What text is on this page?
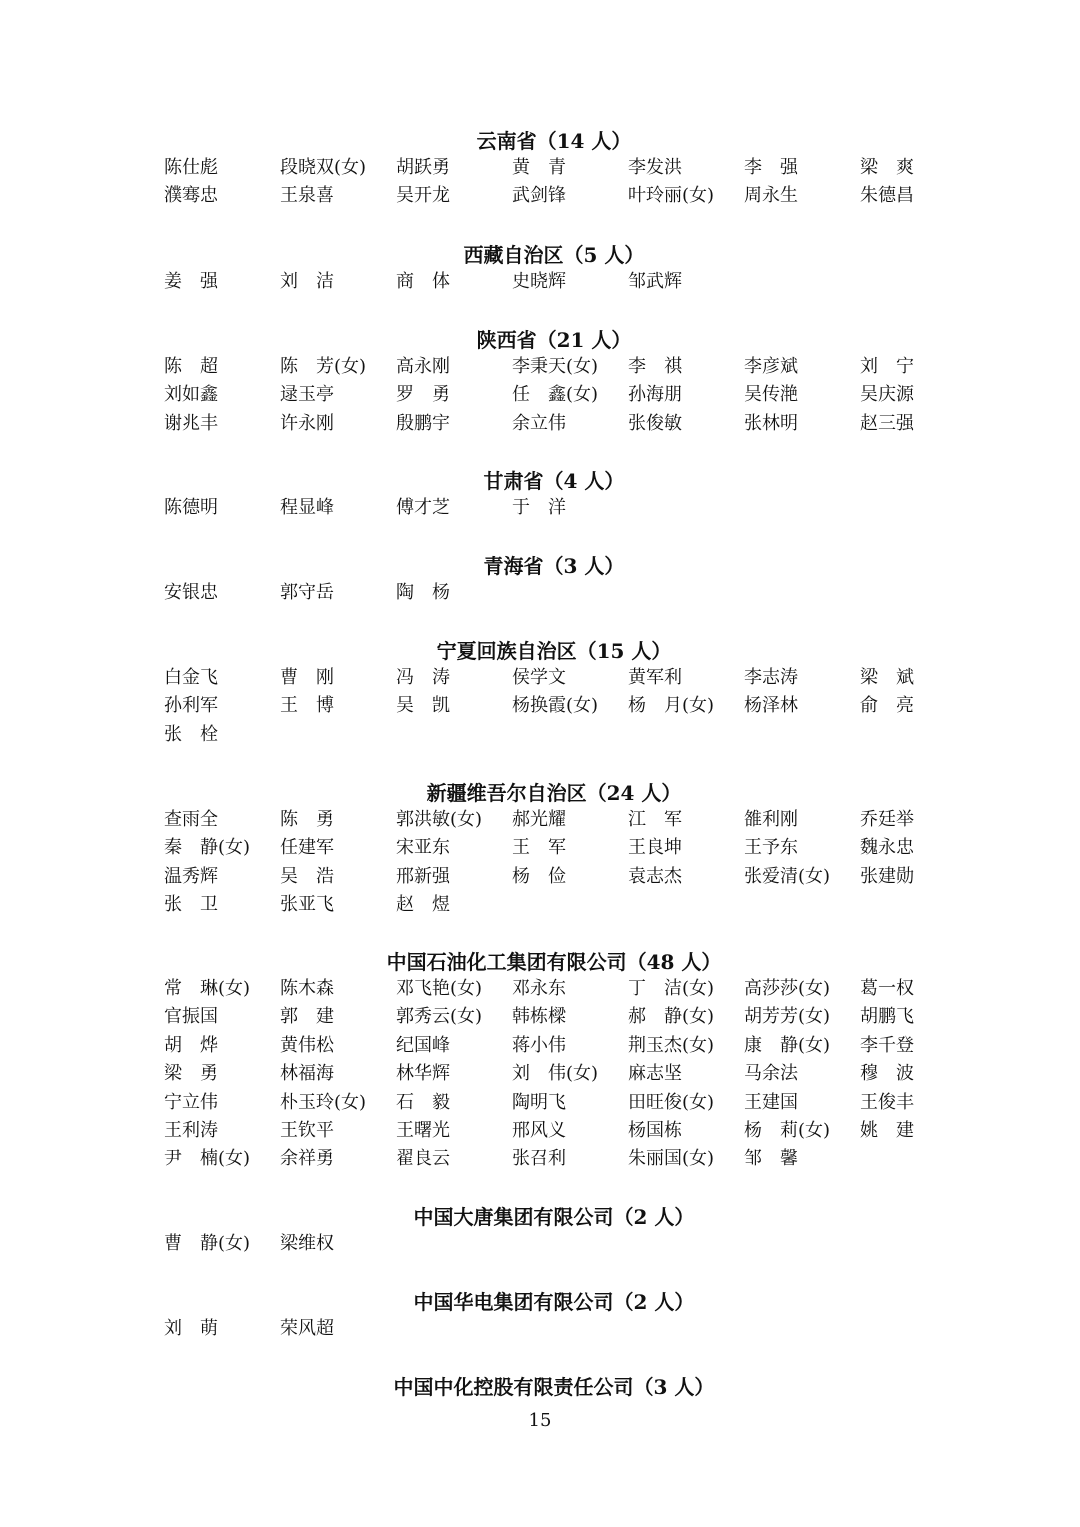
云南省（14 人）
陈仕彪	段晓双(女)	胡跃勇	黄　青	李发洪	李　强	梁　爽
濮骞忠	王泉喜	吴开龙	武剑锋	叶玲丽(女)	周永生	朱德昌
西藏自治区（5 人）
姜　强	刘　洁	商　体	史晓辉	邹武辉
陕西省（21 人）
陈　超	陈　芳(女)	高永刚	李秉天(女)	李　祺	李彦斌	刘　宁
刘如鑫	逯玉亭	罗　勇	任　鑫(女)	孙海朋	吴传滟	吴庆源
谢兆丰	许永刚	殷鹏宇	余立伟	张俊敏	张林明	赵三强
甘肃省（4 人）
陈德明	程显峰	傅才芝	于　洋
青海省（3 人）
安银忠	郭守岳	陶　杨
宁夏回族自治区（15 人）
白金飞	曹　刚	冯　涛	侯学文	黄军利	李志涛	梁　斌
孙利军	王　博	吴　凯	杨换霞(女)	杨　月(女)	杨泽林	俞　亮
张　栓
新疆维吾尔自治区（24 人）
查雨全	陈　勇	郭洪敏(女)	郝光耀	江　军	雒利刚	乔廷举
秦　静(女)	任建军	宋亚东	王　军	王良坤	王予东	魏永忠
温秀辉	吴　浩	邢新强	杨　俭	袁志杰	张爱清(女)	张建勋
张　卫	张亚飞	赵　煜
中国石油化工集团有限公司（48 人）
常　琳(女)	陈木森	邓飞艳(女)	邓永东	丁　洁(女)	高莎莎(女)	葛一权
官振国	郭　建	郭秀云(女)	韩栋樑	郝　静(女)	胡芳芳(女)	胡鹏飞
胡　烨	黄伟松	纪国峰	蒋小伟	荆玉杰(女)	康　静(女)	李千登
梁　勇	林福海	林华辉	刘　伟(女)	麻志坚	马余法	穆　波
宁立伟	朴玉玲(女)	石　毅	陶明飞	田旺俊(女)	王建国	王俊丰
王利涛	王钦平	王曙光	邢风义	杨国栋	杨　莉(女)	姚　建
尹　楠(女)	余祥勇	翟良云	张召利	朱丽国(女)	邹　馨
中国大唐集团有限公司（2 人）
曹　静(女)	梁维权
中国华电集团有限公司（2 人）
刘　萌	荣风超
中国中化控股有限责任公司（3 人）
15
